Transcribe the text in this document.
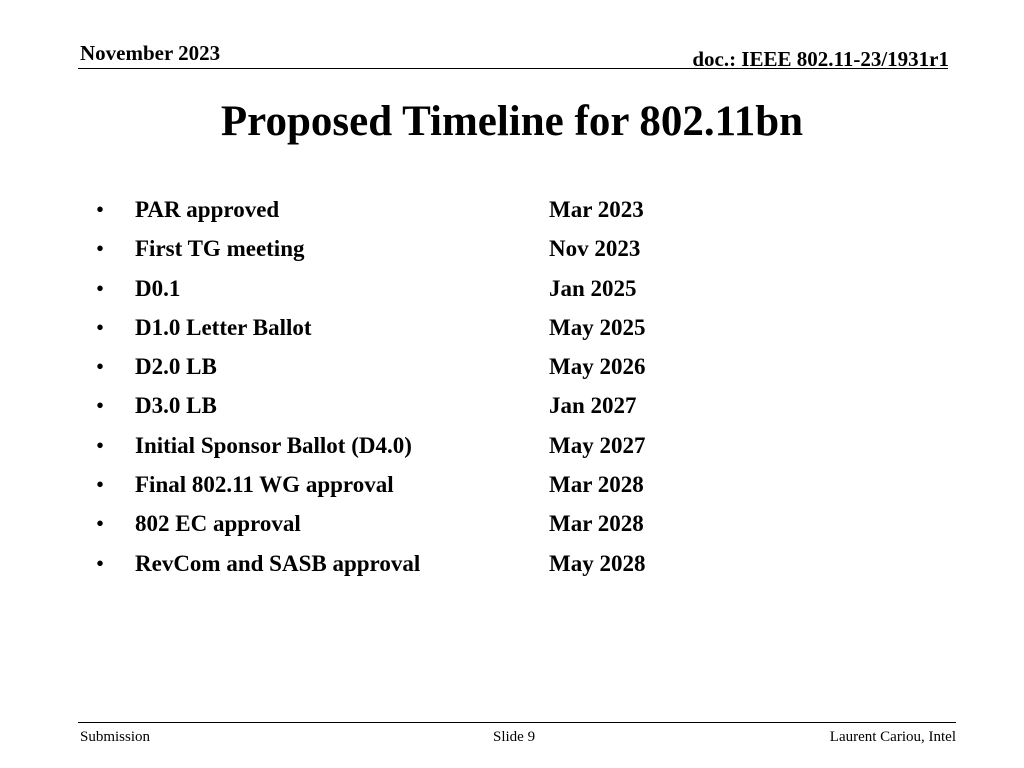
November 2023	doc.: IEEE 802.11-23/1931r1
Proposed Timeline for 802.11bn
• PAR approved	Mar 2023
• First TG meeting	Nov 2023
• D0.1	Jan 2025
• D1.0 Letter Ballot	May 2025
• D2.0 LB	May 2026
• D3.0 LB	Jan 2027
• Initial Sponsor Ballot (D4.0)	May 2027
• Final 802.11 WG approval	Mar 2028
• 802 EC approval	Mar 2028
• RevCom and SASB approval	May 2028
Submission	Slide 9	Laurent Cariou, Intel
